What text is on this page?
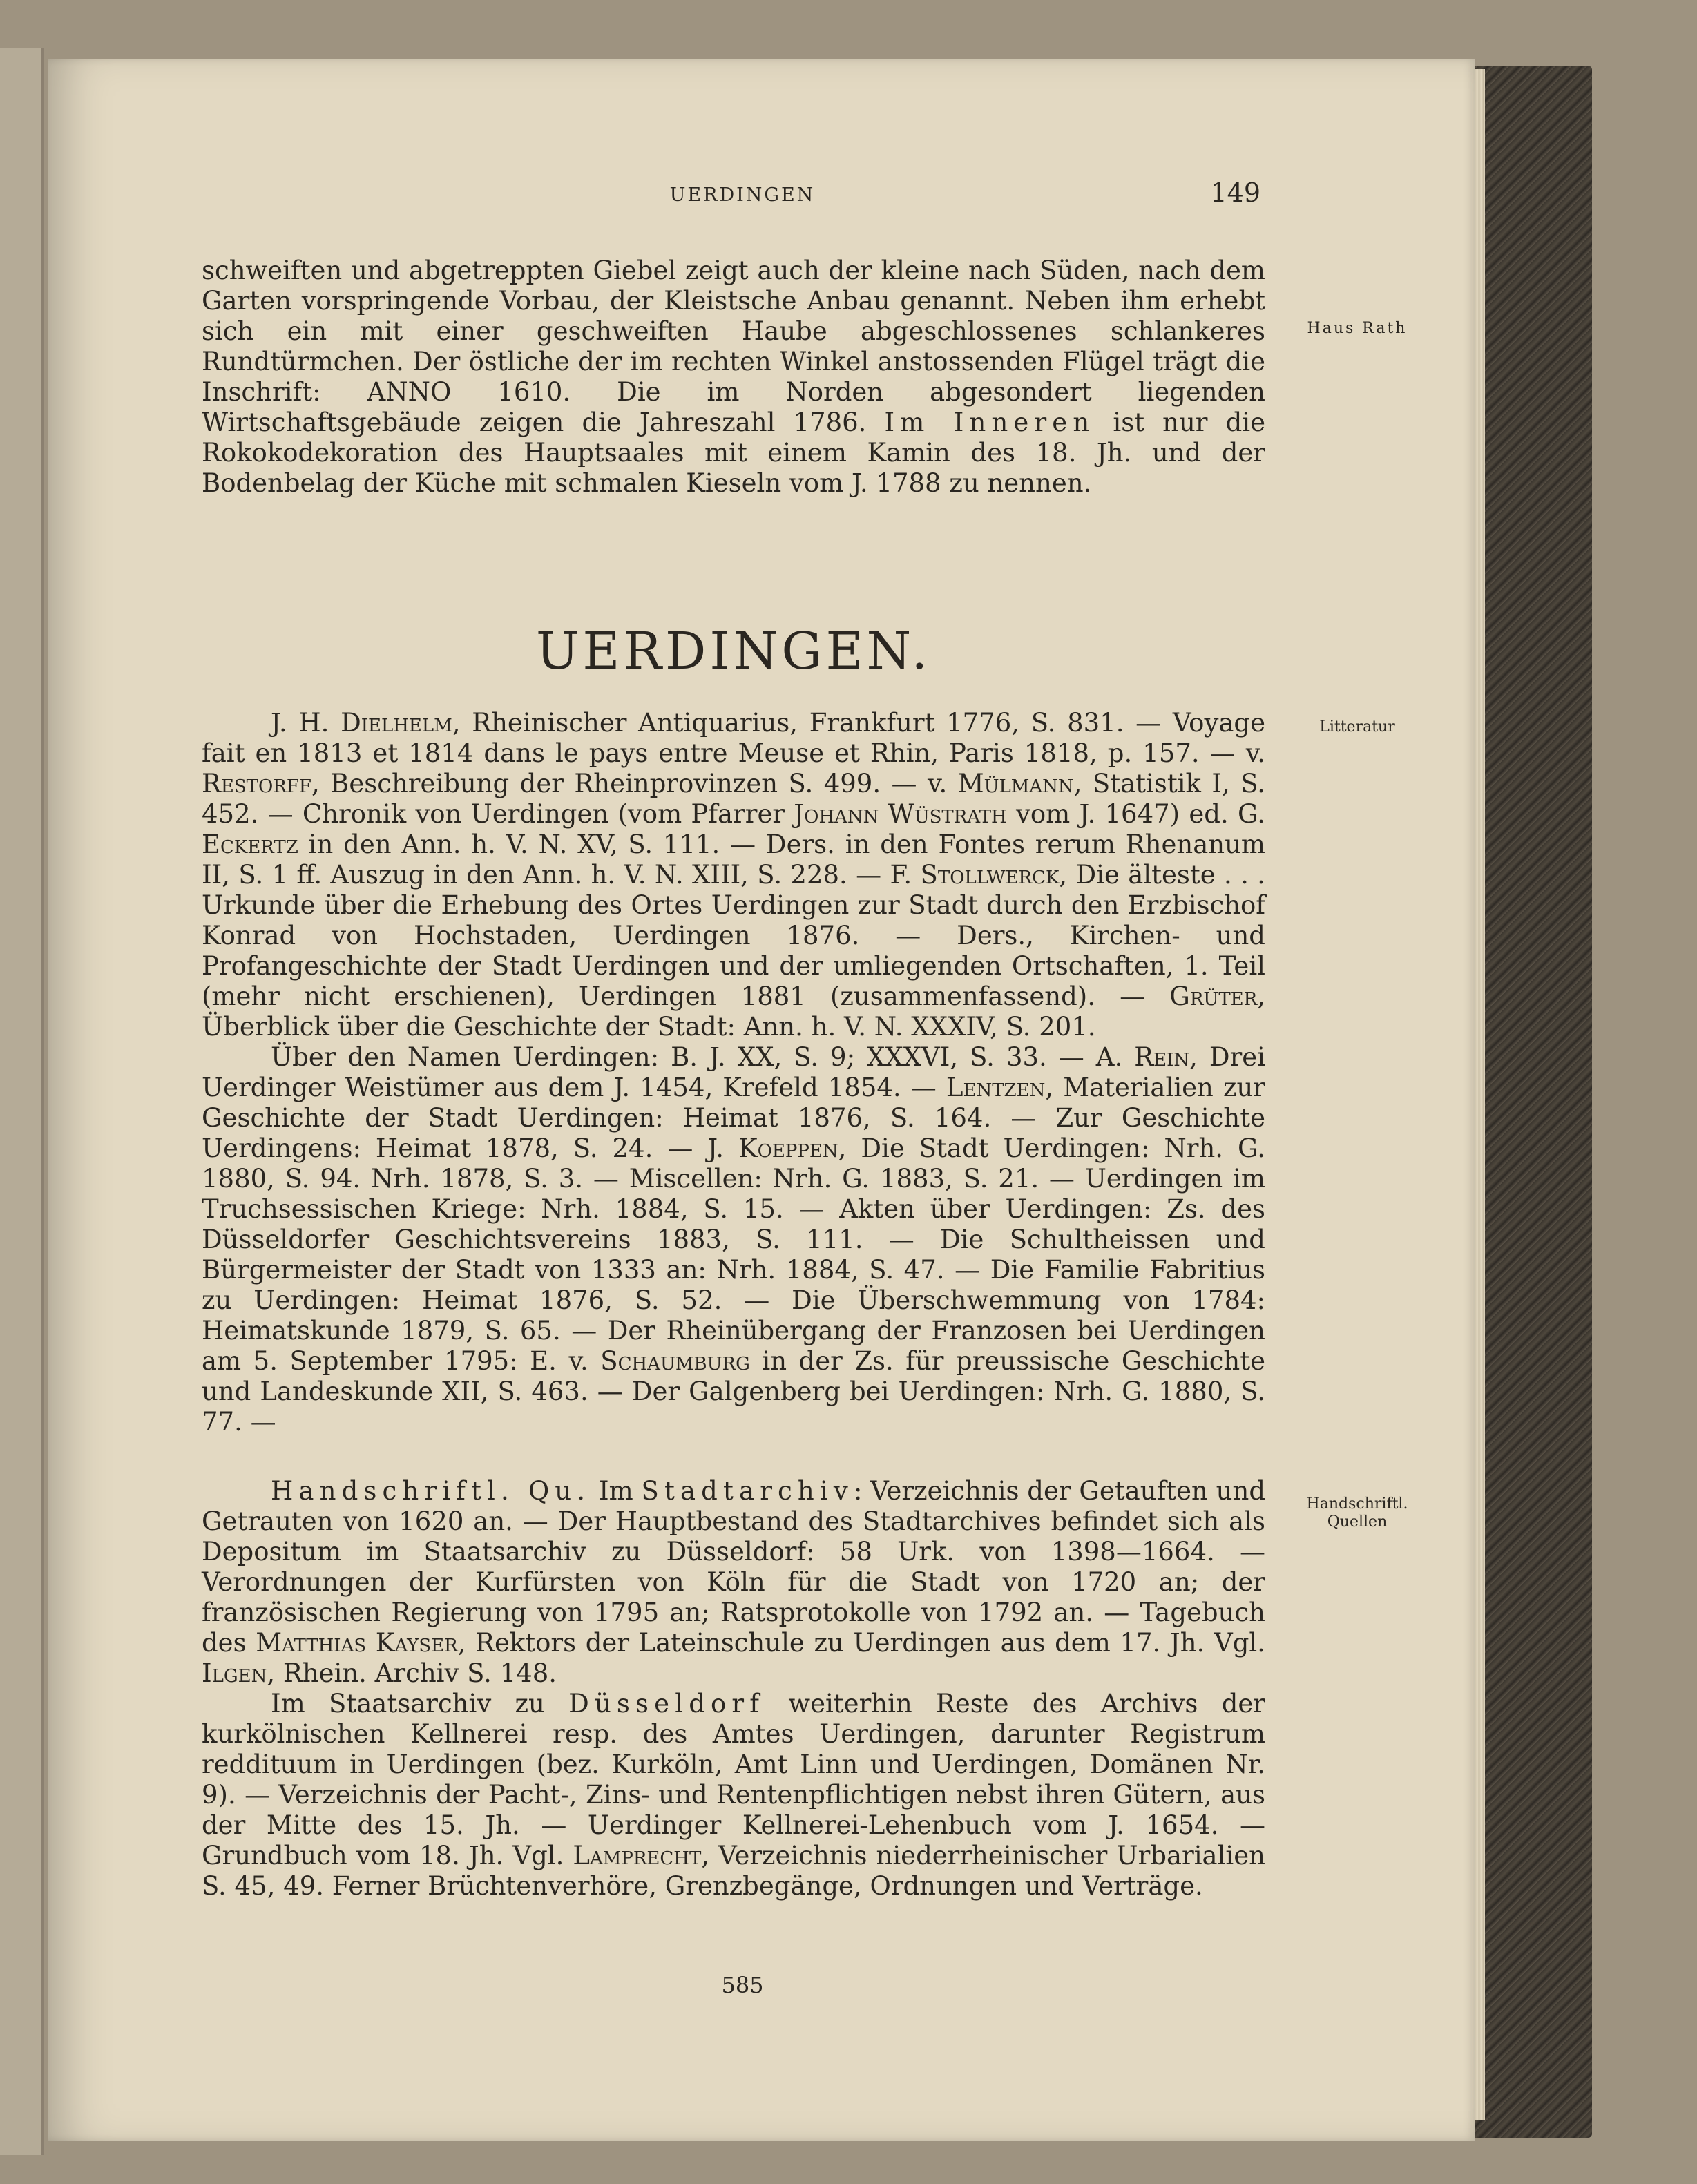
UERDINGEN	149
Haus Rath
Litteratur
Handschriftl. Quellen

schweiften und abgetreppten Giebel zeigt auch der kleine nach Süden, nach dem Garten vorspringende Vorbau, der Kleistsche Anbau genannt. Neben ihm erhebt sich ein mit einer geschweiften Haube abgeschlossenes schlankeres Rundtürmchen. Der östliche der im rechten Winkel anstossenden Flügel trägt die Inschrift: ANNO 1610. Die im Norden abgesondert liegenden Wirtschaftsgebäude zeigen die Jahreszahl 1786. Im Inneren ist nur die Rokokodekoration des Hauptsaales mit einem Kamin des 18. Jh. und der Bodenbelag der Küche mit schmalen Kieseln vom J. 1788 zu nennen.

UERDINGEN.

J. H. Dielhelm, Rheinischer Antiquarius, Frankfurt 1776, S. 831. — Voyage fait en 1813 et 1814 dans le pays entre Meuse et Rhin, Paris 1818, p. 157. — v. Restorff, Beschreibung der Rheinprovinzen S. 499. — v. Mülmann, Statistik I, S. 452. — Chronik von Uerdingen (vom Pfarrer Johann Wüstrath vom J. 1647) ed. G. Eckertz in den Ann. h. V. N. XV, S. 111. — Ders. in den Fontes rerum Rhenanum II, S. 1 ff. Auszug in den Ann. h. V. N. XIII, S. 228. — F. Stollwerck, Die älteste . . . Urkunde über die Erhebung des Ortes Uerdingen zur Stadt durch den Erzbischof Konrad von Hochstaden, Uerdingen 1876. — Ders., Kirchen- und Profangeschichte der Stadt Uerdingen und der umliegenden Ortschaften, 1. Teil (mehr nicht erschienen), Uerdingen 1881 (zusammenfassend). — Grüter, Überblick über die Geschichte der Stadt: Ann. h. V. N. XXXIV, S. 201.

Über den Namen Uerdingen: B. J. XX, S. 9; XXXVI, S. 33. — A. Rein, Drei Uerdinger Weistümer aus dem J. 1454, Krefeld 1854. — Lentzen, Materialien zur Geschichte der Stadt Uerdingen: Heimat 1876, S. 164. — Zur Geschichte Uerdingens: Heimat 1878, S. 24. — J. Koeppen, Die Stadt Uerdingen: Nrh. G. 1880, S. 94. Nrh. 1878, S. 3. — Miscellen: Nrh. G. 1883, S. 21. — Uerdingen im Truchsessischen Kriege: Nrh. 1884, S. 15. — Akten über Uerdingen: Zs. des Düsseldorfer Geschichtsvereins 1883, S. 111. — Die Schultheissen und Bürgermeister der Stadt von 1333 an: Nrh. 1884, S. 47. — Die Familie Fabritius zu Uerdingen: Heimat 1876, S. 52. — Die Überschwemmung von 1784: Heimatskunde 1879, S. 65. — Der Rheinübergang der Franzosen bei Uerdingen am 5. September 1795: E. v. Schaumburg in der Zs. für preussische Geschichte und Landeskunde XII, S. 463. — Der Galgenberg bei Uerdingen: Nrh. G. 1880, S. 77. —

Handschriftl. Qu. Im Stadtarchiv: Verzeichnis der Getauften und Getrauten von 1620 an. — Der Hauptbestand des Stadtarchives befindet sich als Depositum im Staatsarchiv zu Düsseldorf: 58 Urk. von 1398—1664. — Verordnungen der Kurfürsten von Köln für die Stadt von 1720 an; der französischen Regierung von 1795 an; Ratsprotokolle von 1792 an. — Tagebuch des Matthias Kayser, Rektors der Lateinschule zu Uerdingen aus dem 17. Jh. Vgl. Ilgen, Rhein. Archiv S. 148.

Im Staatsarchiv zu Düsseldorf weiterhin Reste des Archivs der kurkölnischen Kellnerei resp. des Amtes Uerdingen, darunter Registrum reddituum in Uerdingen (bez. Kurköln, Amt Linn und Uerdingen, Domänen Nr. 9). — Verzeichnis der Pacht-, Zins- und Rentenpflichtigen nebst ihren Gütern, aus der Mitte des 15. Jh. — Uerdinger Kellnerei-Lehenbuch vom J. 1654. — Grundbuch vom 18. Jh. Vgl. Lamprecht, Verzeichnis niederrheinischer Urbarialien S. 45, 49. Ferner Brüchtenverhöre, Grenzbegänge, Ordnungen und Verträge.

585
